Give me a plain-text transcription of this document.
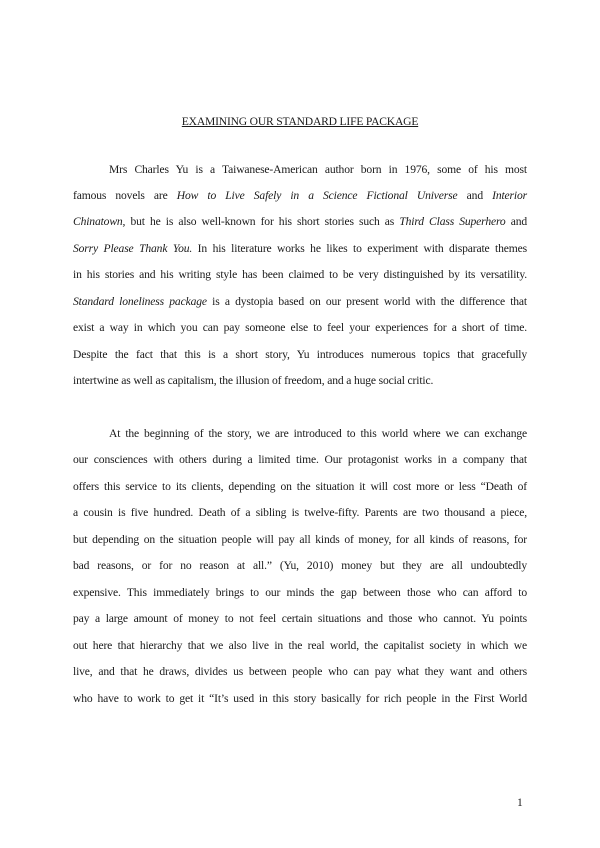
EXAMINING OUR STANDARD LIFE PACKAGE
Mrs Charles Yu is a Taiwanese-American author born in 1976, some of his most
famous novels are How to Live Safely in a Science Fictional Universe and Interior
Chinatown, but he is also well-known for his short stories such as Third Class Superhero and
Sorry Please Thank You. In his literature works he likes to experiment with disparate themes
in his stories and his writing style has been claimed to be very distinguished by its versatility.
Standard loneliness package is a dystopia based on our present world with the difference that
exist a way in which you can pay someone else to feel your experiences for a short of time.
Despite the fact that this is a short story, Yu introduces numerous topics that gracefully
intertwine as well as capitalism, the illusion of freedom, and a huge social critic.
At the beginning of the story, we are introduced to this world where we can exchange
our consciences with others during a limited time. Our protagonist works in a company that
offers this service to its clients, depending on the situation it will cost more or less “Death of
a cousin is five hundred. Death of a sibling is twelve-fifty. Parents are two thousand a piece,
but depending on the situation people will pay all kinds of money, for all kinds of reasons, for
bad reasons, or for no reason at all.” (Yu, 2010) money but they are all undoubtedly
expensive. This immediately brings to our minds the gap between those who can afford to
pay a large amount of money to not feel certain situations and those who cannot. Yu points
out here that hierarchy that we also live in the real world, the capitalist society in which we
live, and that he draws, divides us between people who can pay what they want and others
who have to work to get it “It’s used in this story basically for rich people in the First World
1
